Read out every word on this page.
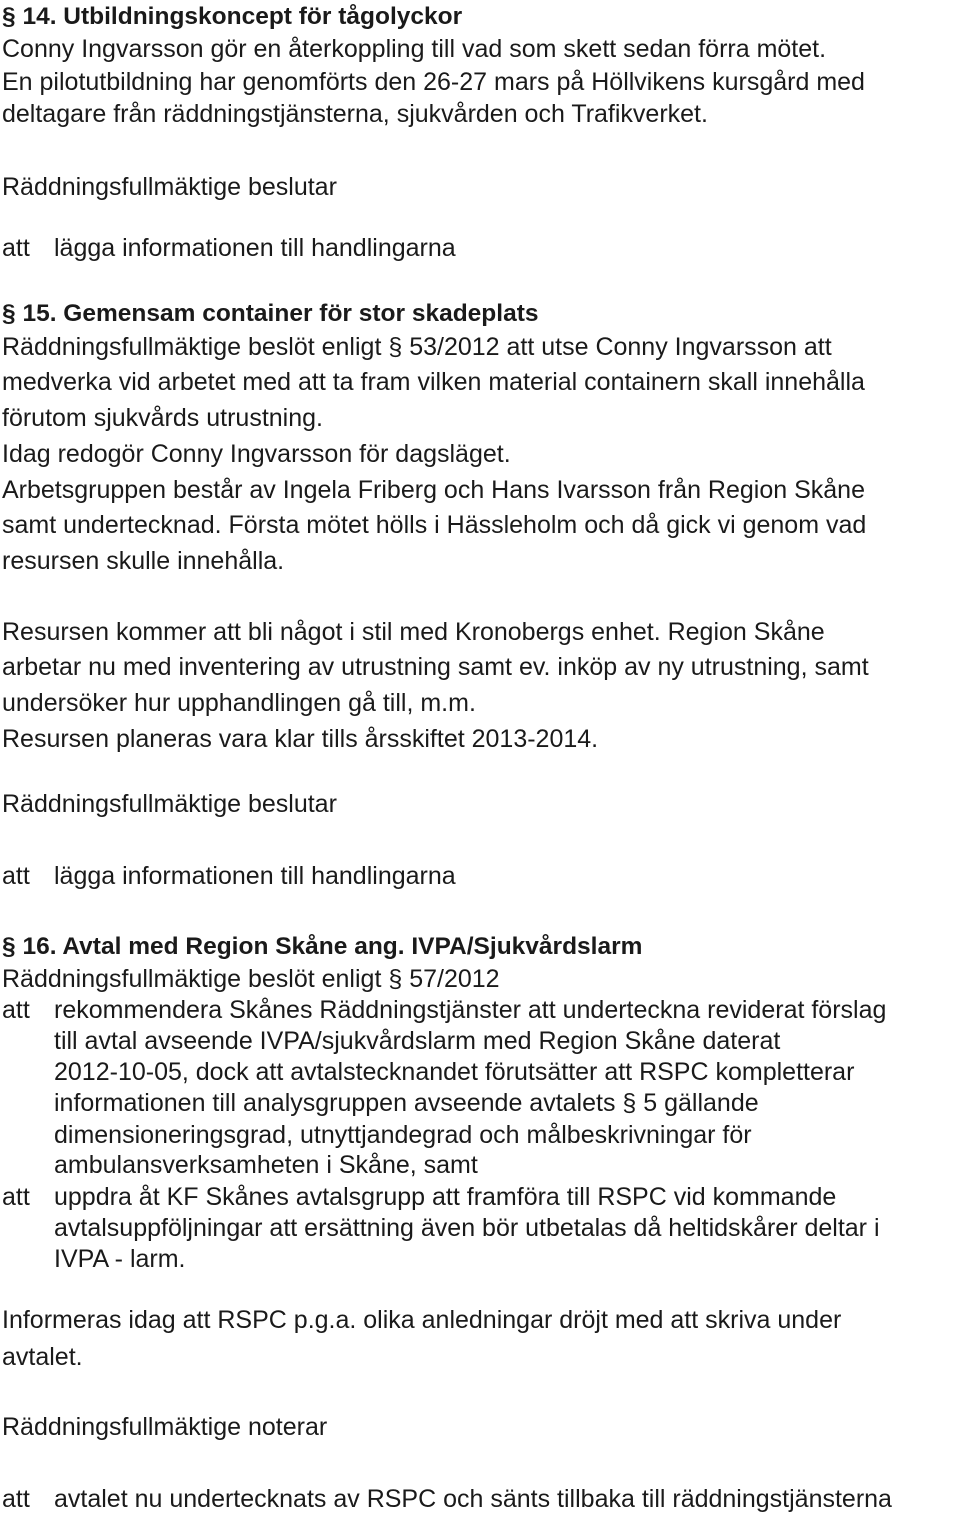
§ 14. Utbildningskoncept för tågolyckor
Conny Ingvarsson gör en återkoppling till vad som skett sedan förra mötet.
En pilotutbildning har genomförts den 26-27 mars på Höllvikens kursgård med
deltagare från räddningstjänsterna, sjukvården och Trafikverket.
Räddningsfullmäktige beslutar
att lägga informationen till handlingarna
§ 15. Gemensam container för stor skadeplats
Räddningsfullmäktige beslöt enligt § 53/2012 att utse Conny Ingvarsson att
medverka vid arbetet med att ta fram vilken material containern skall innehålla
förutom sjukvårds utrustning.
Idag redogör Conny Ingvarsson för dagsläget.
Arbetsgruppen består av Ingela Friberg och Hans Ivarsson från Region Skåne
samt undertecknad. Första mötet hölls i Hässleholm och då gick vi genom vad
resursen skulle innehålla.
Resursen kommer att bli något i stil med Kronobergs enhet. Region Skåne
arbetar nu med inventering av utrustning samt ev. inköp av ny utrustning, samt
undersöker hur upphandlingen gå till, m.m.
Resursen planeras vara klar tills årsskiftet 2013-2014.
Räddningsfullmäktige beslutar
att lägga informationen till handlingarna
§ 16. Avtal med Region Skåne ang. IVPA/Sjukvårdslarm
Räddningsfullmäktige beslöt enligt § 57/2012
att rekommendera Skånes Räddningstjänster att underteckna reviderat förslag
till avtal avseende IVPA/sjukvårdslarm med Region Skåne daterat
2012-10-05, dock att avtalstecknandet förutsätter att RSPC kompletterar
informationen till analysgruppen avseende avtalets § 5 gällande
dimensioneringsgrad, utnyttjandegrad och målbeskrivningar för
ambulansverksamheten i Skåne, samt
att uppdra åt KF Skånes avtalsgrupp att framföra till RSPC vid kommande
avtalsuppföljningar att ersättning även bör utbetalas då heltidskårer deltar i
IVPA - larm.
Informeras idag att RSPC p.g.a. olika anledningar dröjt med att skriva under
avtalet.
Räddningsfullmäktige noterar
att avtalet nu undertecknats av RSPC och sänts tillbaka till räddningstjänsterna
